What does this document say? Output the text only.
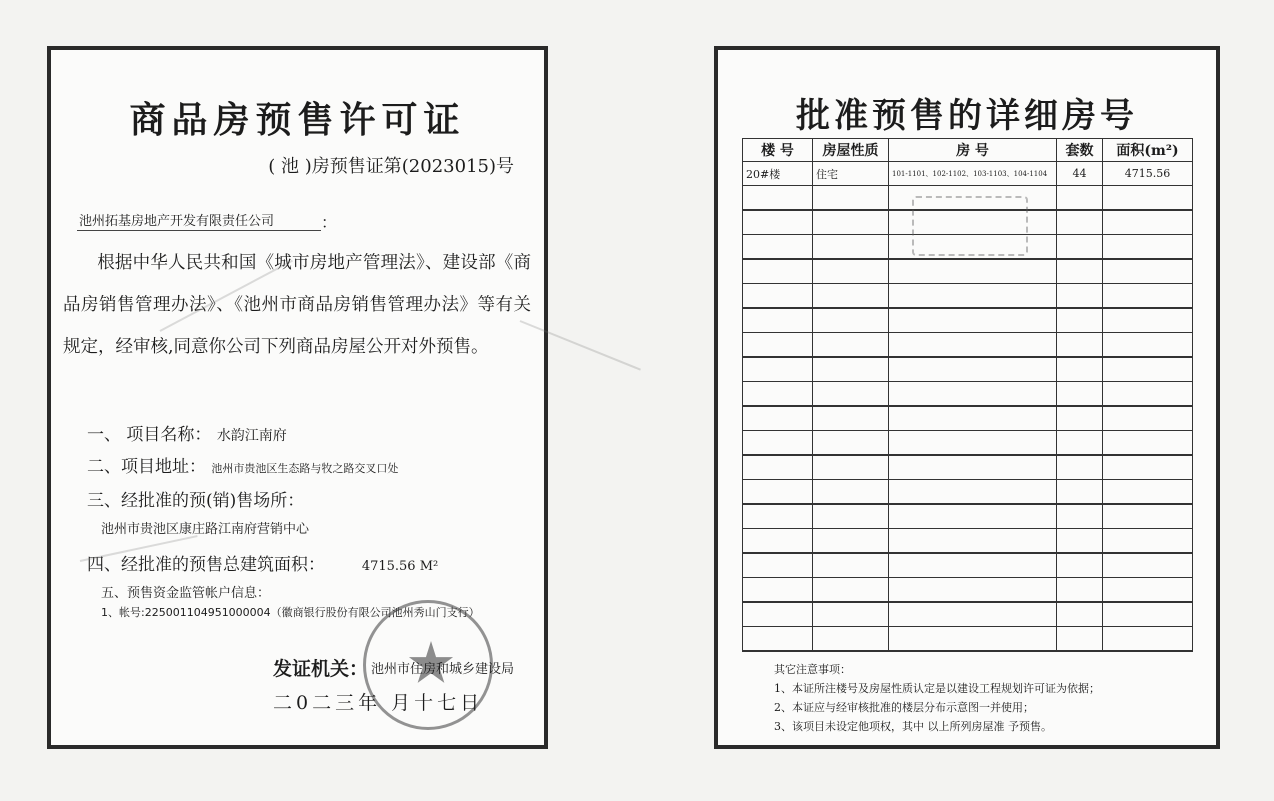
商品房预售许可证
( 池 )房预售证第(2023015)号
池州拓基房地产开发有限责任公司	：
根据中华人民共和国《城市房地产管理法》、建设部《商品房销售管理办法》、《池州市商品房销售管理办法》等有关规定，经审核,同意你公司下列商品房屋公开对外预售。
一、 项目名称： 水韵江南府
二、项目地址： 池州市贵池区生态路与牧之路交叉口处
三、经批准的预(销)售场所：
池州市贵池区康庄路江南府营销中心
四、经批准的预售总建筑面积：	4715.56 M²
五、预售资金监管帐户信息：
1、帐号:225001104951000004（徽商银行股份有限公司池州秀山门支行）
发证机关： 池州市住房和城乡建设局
二0二三年 月十七日
批准预售的详细房号
楼 号	房屋性质	房 号	套数	面积(m²)
20#楼	住宅	101-1101、102-1102、103-1103、104-1104	44	4715.56

其它注意事项：
1、本证所注楼号及房屋性质认定是以建设工程规划许可证为依据；
2、本证应与经审核批准的楼层分布示意图一并使用；
3、该项目未设定他项权，其中 以上所列房屋准 予预售。
